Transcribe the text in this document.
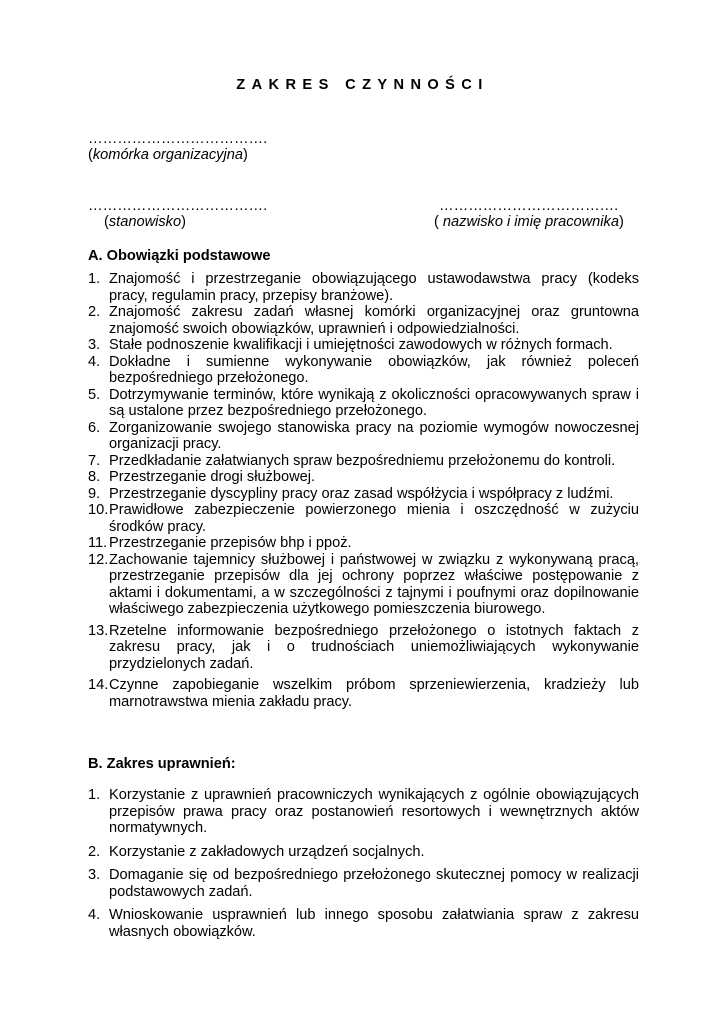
ZAKRES CZYNNOŚCI
……………………………….
(komórka organizacyjna)
……………………………….
(stanowisko)
……………………………….
( nazwisko i imię pracownika)
A. Obowiązki podstawowe
1. Znajomość i przestrzeganie obowiązującego ustawodawstwa pracy (kodeks pracy, regulamin pracy, przepisy branżowe).
2. Znajomość zakresu zadań własnej komórki organizacyjnej oraz gruntowna znajomość swoich obowiązków, uprawnień i odpowiedzialności.
3. Stałe podnoszenie kwalifikacji i umiejętności zawodowych w różnych formach.
4. Dokładne i sumienne wykonywanie obowiązków, jak również poleceń bezpośredniego przełożonego.
5. Dotrzymywanie terminów, które wynikają z okoliczności opracowywanych spraw i są ustalone przez bezpośredniego przełożonego.
6. Zorganizowanie swojego stanowiska pracy na poziomie wymogów nowoczesnej organizacji pracy.
7. Przedkładanie załatwianych spraw bezpośredniemu przełożonemu do kontroli.
8. Przestrzeganie drogi służbowej.
9. Przestrzeganie dyscypliny pracy oraz zasad współżycia i współpracy z ludźmi.
10. Prawidłowe zabezpieczenie powierzonego mienia i oszczędność w zużyciu środków pracy.
11. Przestrzeganie przepisów bhp i ppoż.
12. Zachowanie tajemnicy służbowej i państwowej w związku z wykonywaną pracą, przestrzeganie przepisów dla jej ochrony poprzez właściwe postępowanie z aktami i dokumentami, a w szczególności z tajnymi i poufnymi oraz dopilnowanie właściwego zabezpieczenia użytkowego pomieszczenia biurowego.
13. Rzetelne informowanie bezpośredniego przełożonego o istotnych faktach z zakresu pracy, jak i o trudnościach uniemożliwiających wykonywanie przydzielonych zadań.
14. Czynne zapobieganie wszelkim próbom sprzeniewierzenia, kradzieży lub marnotrawstwa mienia zakładu pracy.
B. Zakres uprawnień:
1. Korzystanie z uprawnień pracowniczych wynikających z ogólnie obowiązujących przepisów prawa pracy oraz postanowień resortowych i wewnętrznych aktów normatywnych.
2. Korzystanie z zakładowych urządzeń socjalnych.
3. Domaganie się od bezpośredniego przełożonego skutecznej pomocy w realizacji podstawowych zadań.
4. Wnioskowanie usprawnień lub innego sposobu załatwiania spraw z zakresu własnych obowiązków.
